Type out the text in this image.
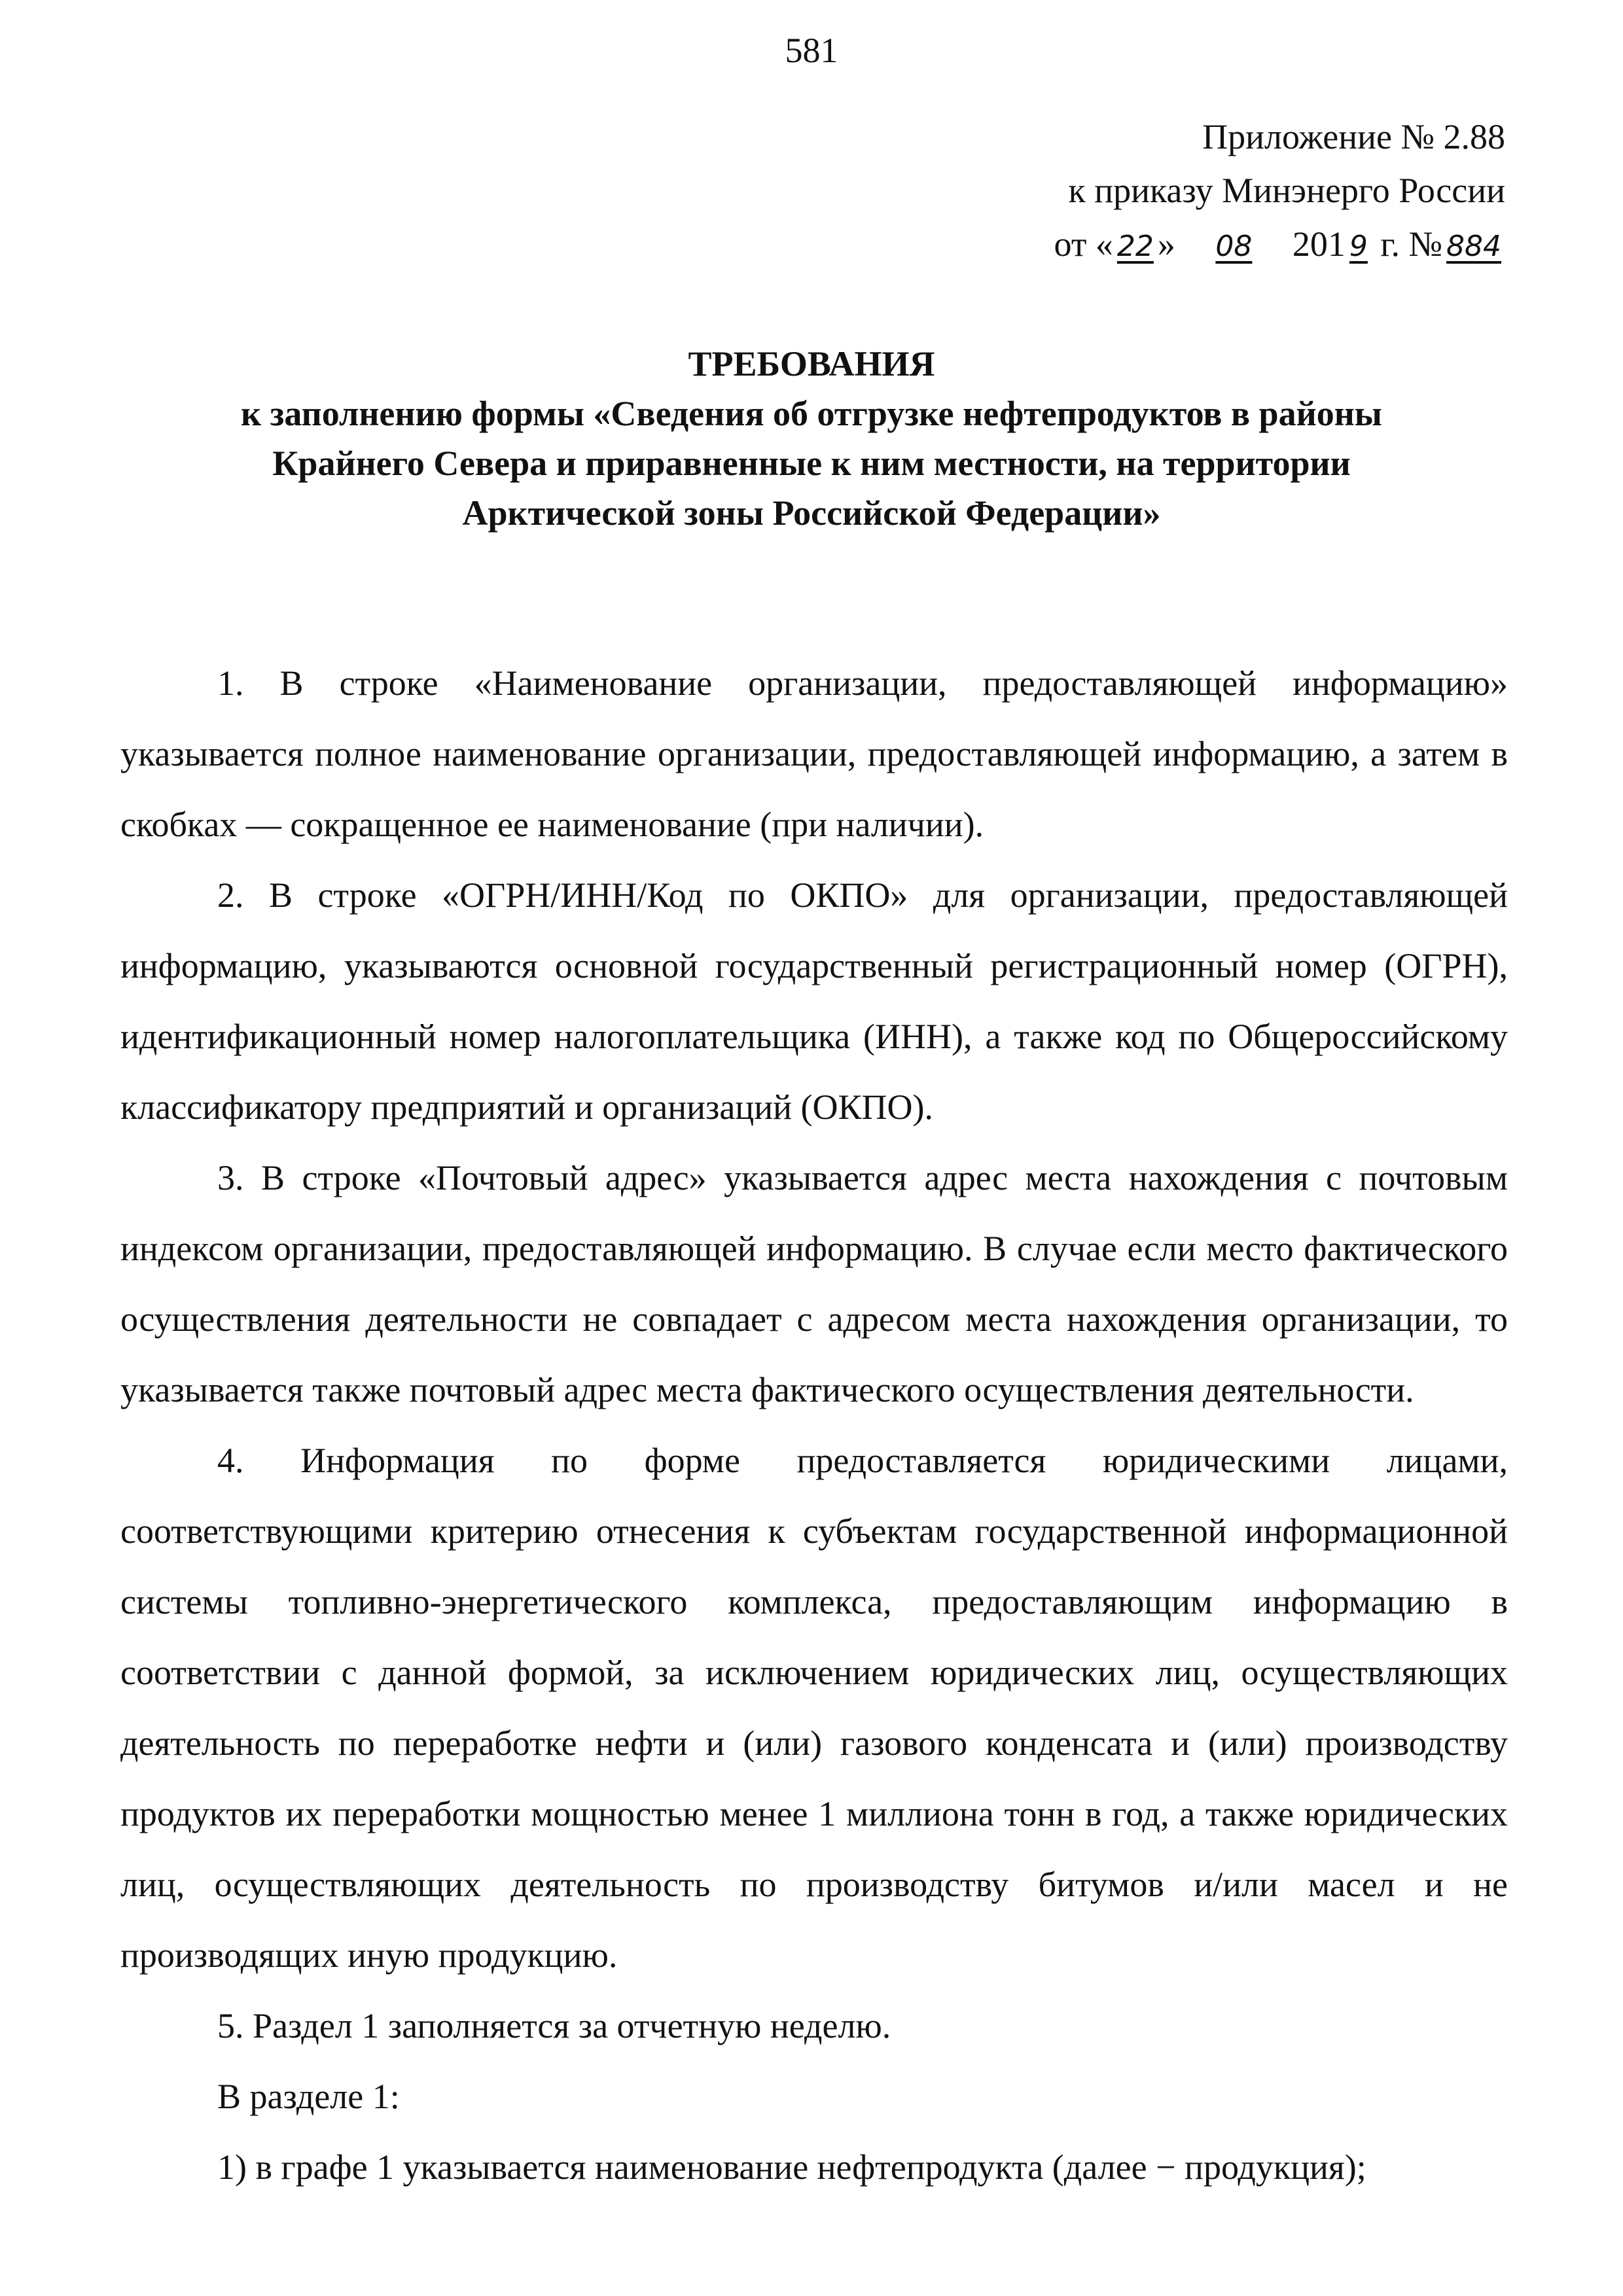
581
Приложение № 2.88
к приказу Минэнерго России
от « 22 » 08 201 9 г. № 884
ТРЕБОВАНИЯ
к заполнению формы «Сведения об отгрузке нефтепродуктов в районы
Крайнего Севера и приравненные к ним местности, на территории
Арктической зоны Российской Федерации»

1. В строке «Наименование организации, предоставляющей информацию» указывается полное наименование организации, предоставляющей информацию, а затем в скобках — сокращенное ее наименование (при наличии).

2. В строке «ОГРН/ИНН/Код по ОКПО» для организации, предоставляющей информацию, указываются основной государственный регистрационный номер (ОГРН), идентификационный номер налогоплательщика (ИНН), а также код по Общероссийскому классификатору предприятий и организаций (ОКПО).

3. В строке «Почтовый адрес» указывается адрес места нахождения с почтовым индексом организации, предоставляющей информацию. В случае если место фактического осуществления деятельности не совпадает с адресом места нахождения организации, то указывается также почтовый адрес места фактического осуществления деятельности.

4. Информация по форме предоставляется юридическими лицами, соответствующими критерию отнесения к субъектам государственной информационной системы топливно-энергетического комплекса, предоставляющим информацию в соответствии с данной формой, за исключением юридических лиц, осуществляющих деятельность по переработке нефти и (или) газового конденсата и (или) производству продуктов их переработки мощностью менее 1 миллиона тонн в год, а также юридических лиц, осуществляющих деятельность по производству битумов и/или масел и не производящих иную продукцию.

5. Раздел 1 заполняется за отчетную неделю.

В разделе 1:

1) в графе 1 указывается наименование нефтепродукта (далее − продукция);
